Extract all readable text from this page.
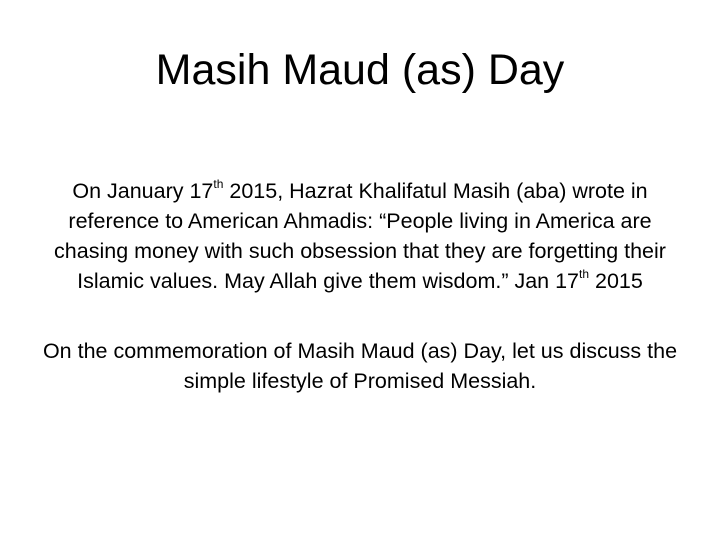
Masih Maud (as) Day

On January 17th 2015, Hazrat Khalifatul Masih (aba) wrote in reference to American Ahmadis: “People living in America are chasing money with such obsession that they are forgetting their Islamic values. May Allah give them wisdom.” Jan 17th 2015

On the commemoration of Masih Maud (as) Day, let us discuss the simple lifestyle of Promised Messiah.
